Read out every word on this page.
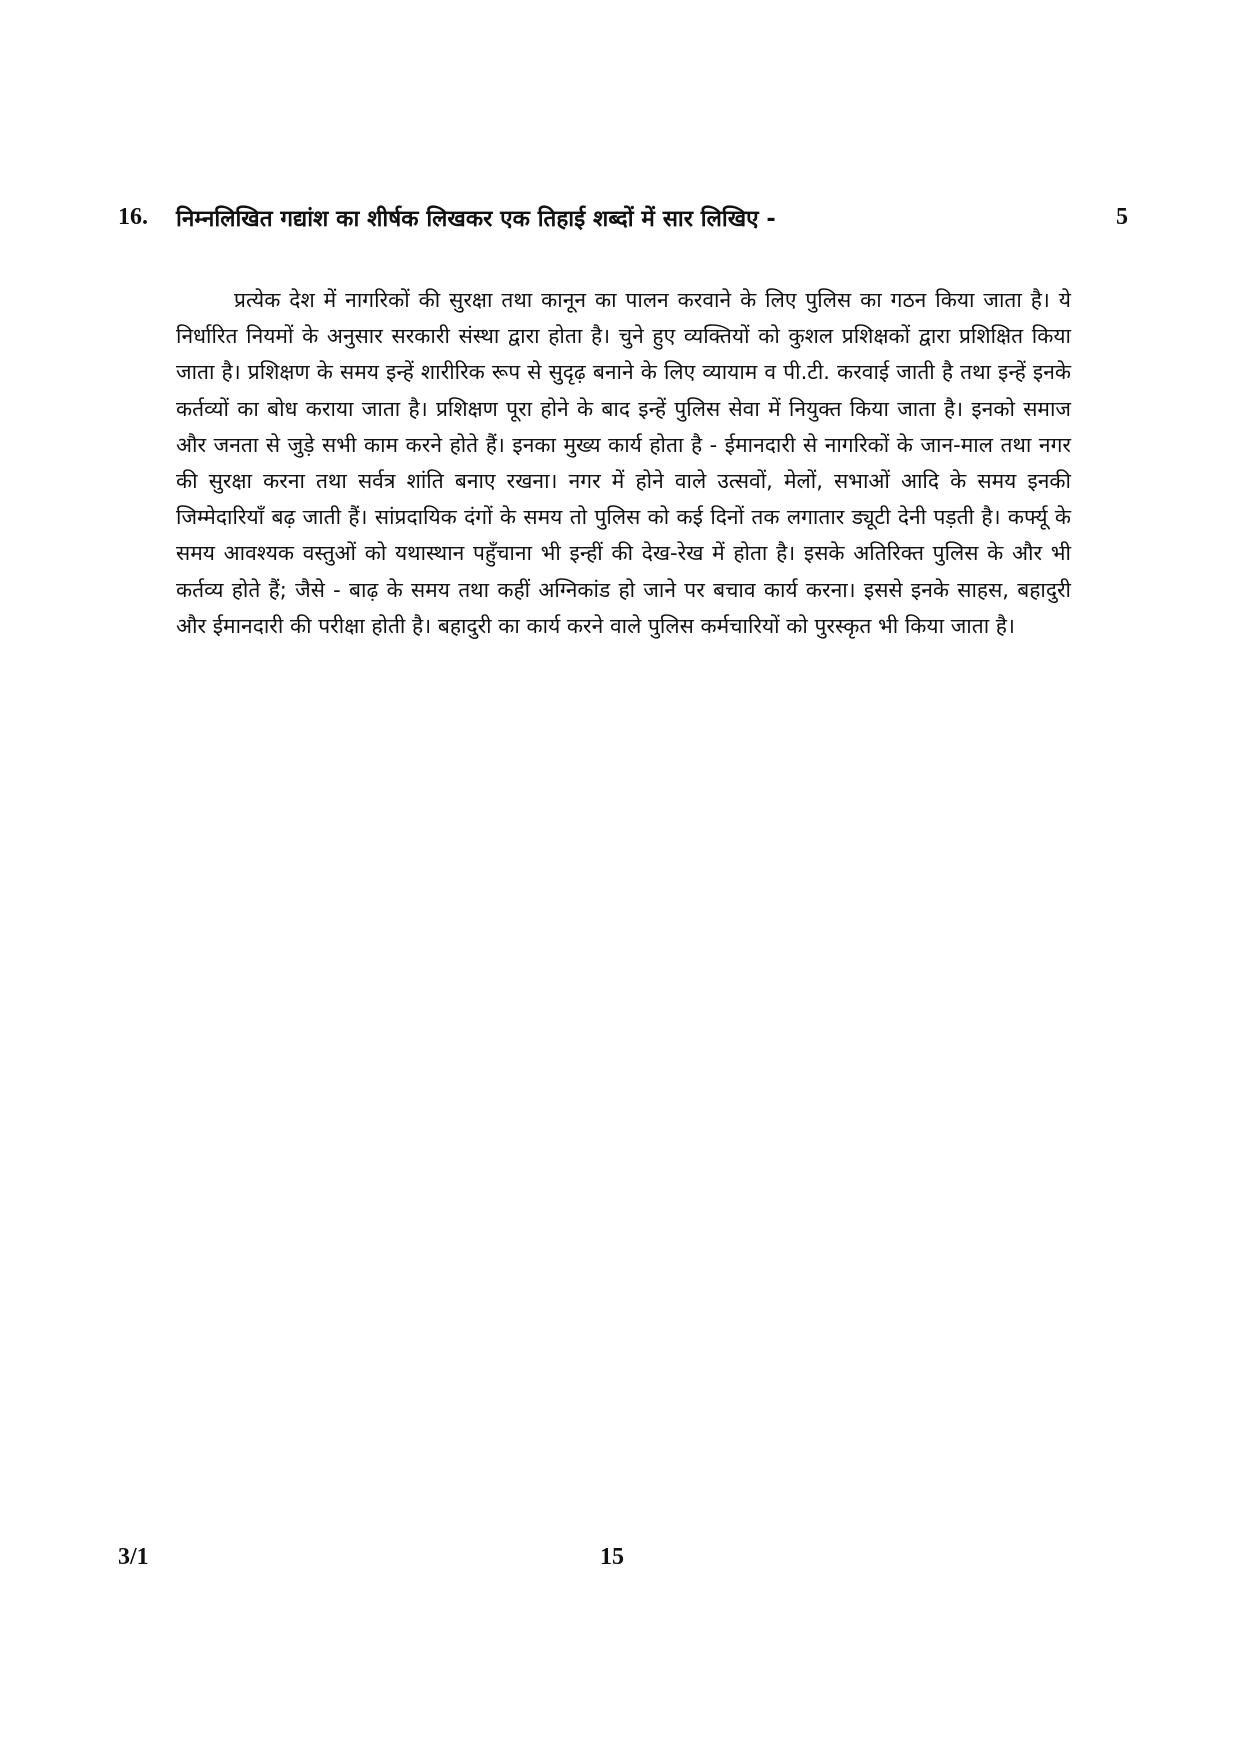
16. निम्नलिखित गद्यांश का शीर्षक लिखकर एक तिहाई शब्दों में सार लिखिए -	5

प्रत्येक देश में नागरिकों की सुरक्षा तथा कानून का पालन करवाने के लिए पुलिस का गठन किया जाता है। ये निर्धारित नियमों के अनुसार सरकारी संस्था द्वारा होता है। चुने हुए व्यक्तियों को कुशल प्रशिक्षकों द्वारा प्रशिक्षित किया जाता है। प्रशिक्षण के समय इन्हें शारीरिक रूप से सुदृढ़ बनाने के लिए व्यायाम व पी.टी. करवाई जाती है तथा इन्हें इनके कर्तव्यों का बोध कराया जाता है। प्रशिक्षण पूरा होने के बाद इन्हें पुलिस सेवा में नियुक्त किया जाता है। इनको समाज और जनता से जुड़े सभी काम करने होते हैं। इनका मुख्य कार्य होता है - ईमानदारी से नागरिकों के जान-माल तथा नगर की सुरक्षा करना तथा सर्वत्र शांति बनाए रखना। नगर में होने वाले उत्सवों, मेलों, सभाओं आदि के समय इनकी जिम्मेदारियाँ बढ़ जाती हैं। सांप्रदायिक दंगों के समय तो पुलिस को कई दिनों तक लगातार ड्यूटी देनी पड़ती है। कर्फ्यू के समय आवश्यक वस्तुओं को यथास्थान पहुँचाना भी इन्हीं की देख-रेख में होता है। इसके अतिरिक्त पुलिस के और भी कर्तव्य होते हैं; जैसे - बाढ़ के समय तथा कहीं अग्निकांड हो जाने पर बचाव कार्य करना। इससे इनके साहस, बहादुरी और ईमानदारी की परीक्षा होती है। बहादुरी का कार्य करने वाले पुलिस कर्मचारियों को पुरस्कृत भी किया जाता है।

3/1	15
